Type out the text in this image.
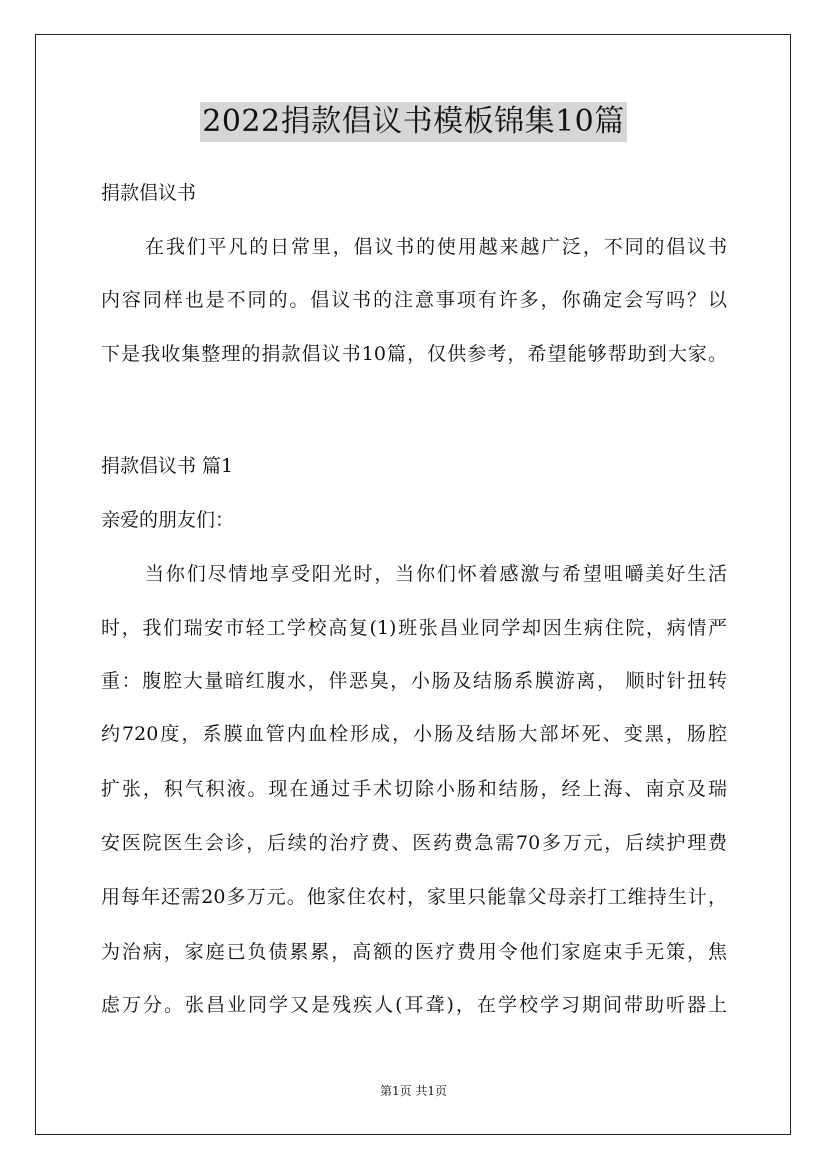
2022捐款倡议书模板锦集10篇
捐款倡议书
在我们平凡的日常里，倡议书的使用越来越广泛，不同的倡议书
内容同样也是不同的。倡议书的注意事项有许多，你确定会写吗？以
下是我收集整理的捐款倡议书10篇，仅供参考，希望能够帮助到大家。
捐款倡议书 篇1
亲爱的朋友们：
当你们尽情地享受阳光时，当你们怀着感激与希望咀嚼美好生活
时，我们瑞安市轻工学校高复(1)班张昌业同学却因生病住院，病情严
重：腹腔大量暗红腹水，伴恶臭，小肠及结肠系膜游离， 顺时针扭转
约720度，系膜血管内血栓形成，小肠及结肠大部坏死、变黑，肠腔
扩张，积气积液。现在通过手术切除小肠和结肠，经上海、南京及瑞
安医院医生会诊，后续的治疗费、医药费急需70多万元，后续护理费
用每年还需20多万元。他家住农村，家里只能靠父母亲打工维持生计，
为治病，家庭已负债累累，高额的医疗费用令他们家庭束手无策，焦
虑万分。张昌业同学又是残疾人(耳聋)，在学校学习期间带助听器上
第1页 共1页
